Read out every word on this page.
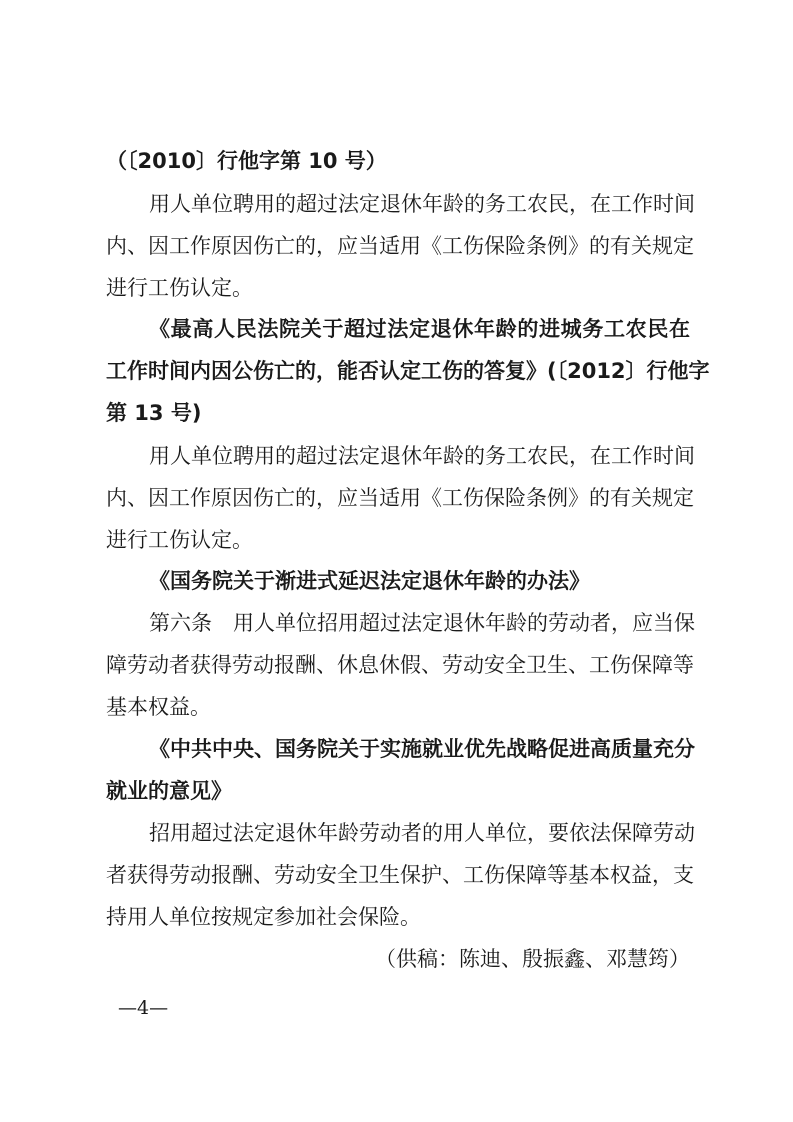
（〔2010〕行他字第 10 号）
用人单位聘用的超过法定退休年龄的务工农民，在工作时间
内、因工作原因伤亡的，应当适用《工伤保险条例》的有关规定
进行工伤认定。
《最高人民法院关于超过法定退休年龄的进城务工农民在
工作时间内因公伤亡的，能否认定工伤的答复》(〔2012〕行他字
第 13 号)
用人单位聘用的超过法定退休年龄的务工农民，在工作时间
内、因工作原因伤亡的，应当适用《工伤保险条例》的有关规定
进行工伤认定。
《国务院关于渐进式延迟法定退休年龄的办法》
第六条　用人单位招用超过法定退休年龄的劳动者，应当保
障劳动者获得劳动报酬、休息休假、劳动安全卫生、工伤保障等
基本权益。
《中共中央、国务院关于实施就业优先战略促进高质量充分
就业的意见》
招用超过法定退休年龄劳动者的用人单位，要依法保障劳动
者获得劳动报酬、劳动安全卫生保护、工伤保障等基本权益，支
持用人单位按规定参加社会保险。
（供稿：陈迪、殷振鑫、邓慧筠）
—4—
